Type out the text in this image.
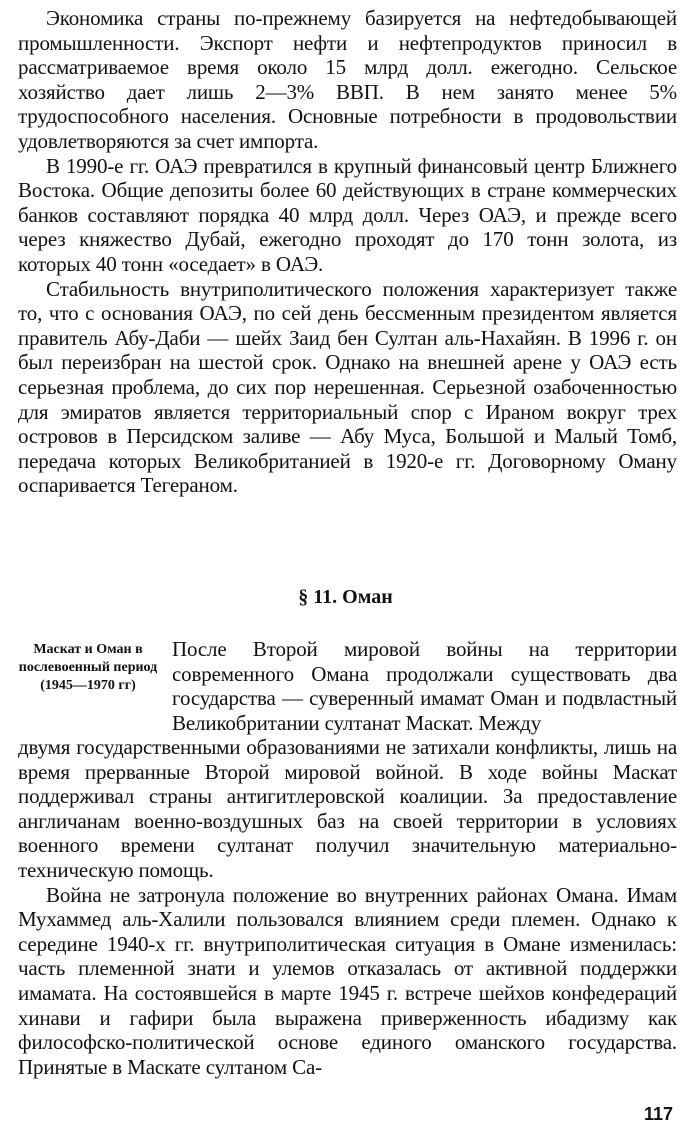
Экономика страны по-прежнему базируется на нефтедобывающей промышленности. Экспорт нефти и нефтепродуктов приносил в рассматриваемое время около 15 млрд долл. ежегодно. Сельское хозяйство дает лишь 2—3% ВВП. В нем занято менее 5% трудоспособного населения. Основные потребности в продовольствии удовлетворяются за счет импорта.

В 1990-е гг. ОАЭ превратился в крупный финансовый центр Ближнего Востока. Общие депозиты более 60 действующих в стране коммерческих банков составляют порядка 40 млрд долл. Через ОАЭ, и прежде всего через княжество Дубай, ежегодно проходят до 170 тонн золота, из которых 40 тонн «оседает» в ОАЭ.

Стабильность внутриполитического положения характеризует также то, что с основания ОАЭ, по сей день бессменным президентом является правитель Абу-Даби — шейх Заид бен Султан аль-Нахайян. В 1996 г. он был переизбран на шестой срок. Однако на внешней арене у ОАЭ есть серьезная проблема, до сих пор нерешенная. Серьезной озабоченностью для эмиратов является территориальный спор с Ираном вокруг трех островов в Персидском заливе — Абу Муса, Большой и Малый Томб, передача которых Великобританией в 1920-е гг. Договорному Оману оспаривается Тегераном.

§ 11. Оман
Маскат и Оман в послевоенный период (1945—1970 гг)

После Второй мировой войны на территории современного Омана продолжали существовать два государства — суверенный имамат Оман и подвластный Великобритании султанат Маскат. Между

двумя государственными образованиями не затихали конфликты, лишь на время прерванные Второй мировой войной. В ходе войны Маскат поддерживал страны антигитлеровской коалиции. За предоставление англичанам военно-воздушных баз на своей территории в условиях военного времени султанат получил значительную материально-техническую помощь.

Война не затронула положение во внутренних районах Омана. Имам Мухаммед аль-Халили пользовался влиянием среди племен. Однако к середине 1940-х гг. внутриполитическая ситуация в Омане изменилась: часть племенной знати и улемов отказалась от активной поддержки имамата. На состоявшейся в марте 1945 г. встрече шейхов конфедераций хинави и гафири была выражена приверженность ибадизму как философско-политической основе единого оманского государства. Принятые в Маскате султаном Са-

117
